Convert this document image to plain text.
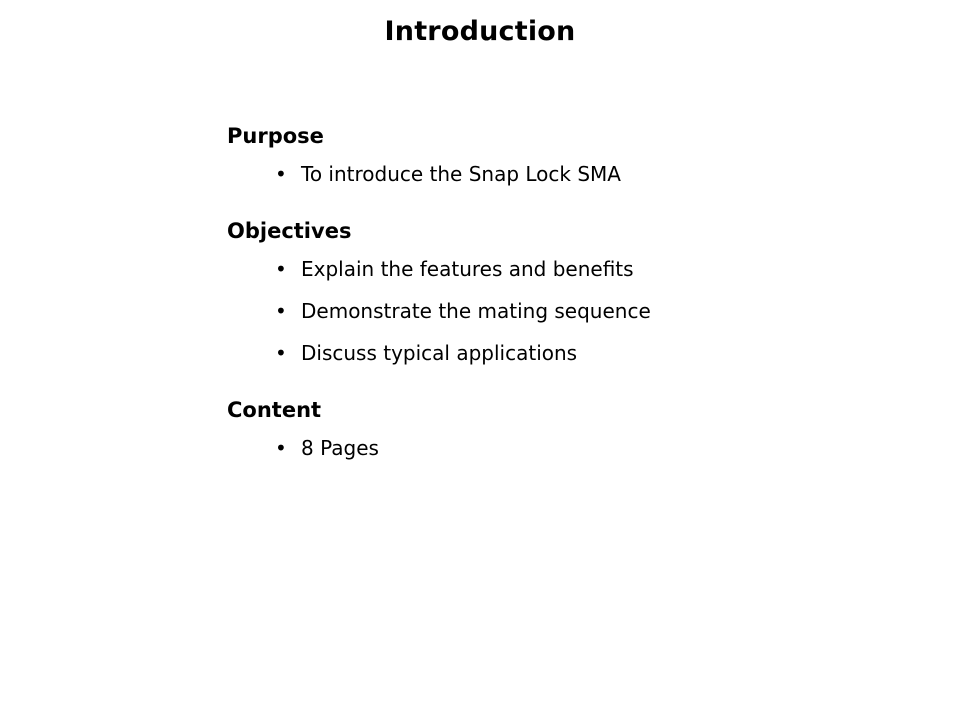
Introduction
Purpose
• To introduce the Snap Lock SMA
Objectives
• Explain the features and benefits
• Demonstrate the mating sequence
• Discuss typical applications
Content
• 8 Pages
